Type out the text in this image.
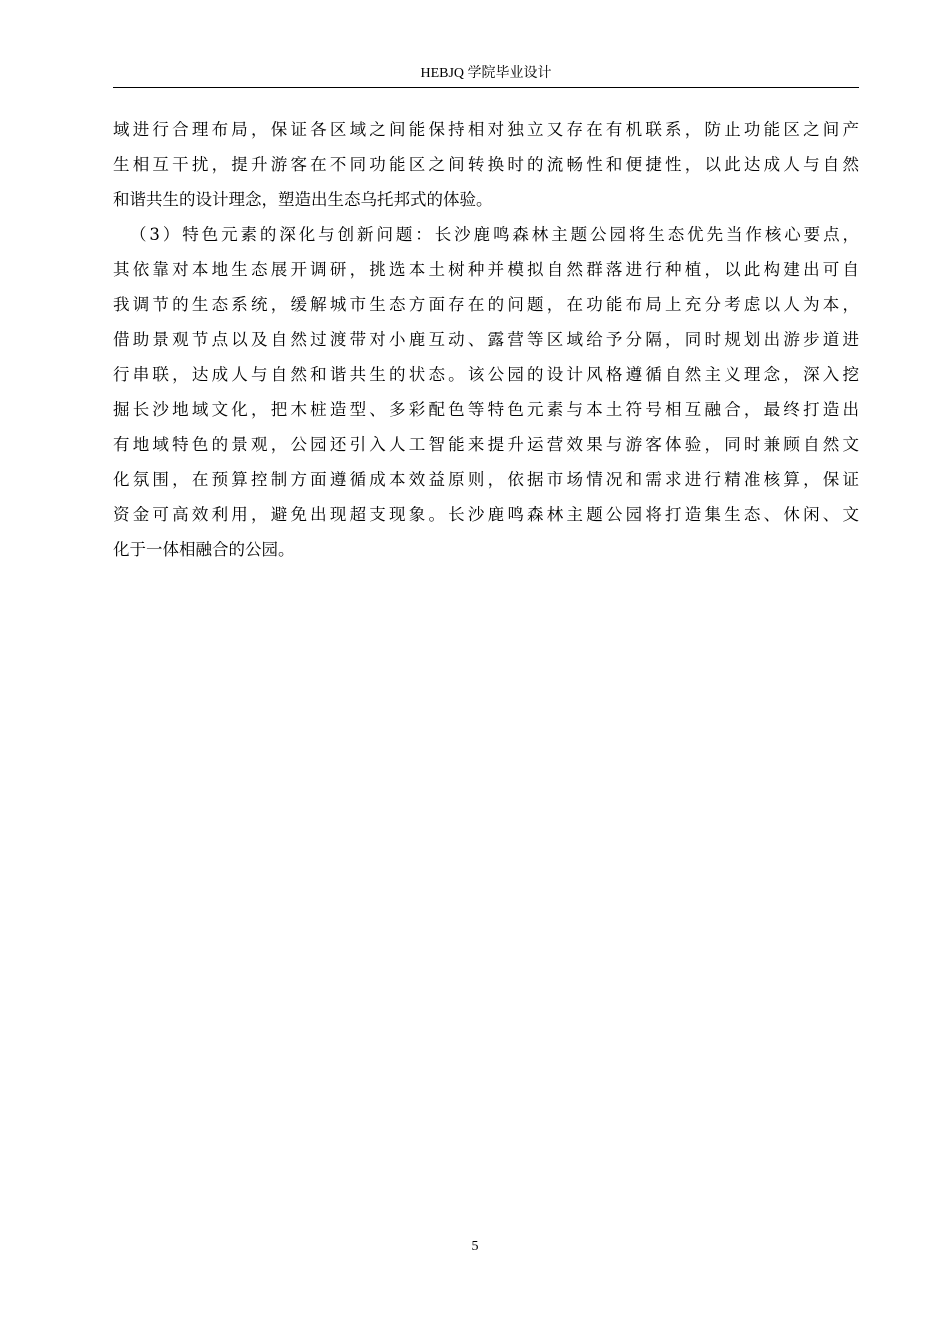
HEBJQ 学院毕业设计
域进行合理布局，保证各区域之间能保持相对独立又存在有机联系，防止功能区之间产
生相互干扰，提升游客在不同功能区之间转换时的流畅性和便捷性，以此达成人与自然
和谐共生的设计理念，塑造出生态乌托邦式的体验。
（3）特色元素的深化与创新问题：长沙鹿鸣森林主题公园将生态优先当作核心要点，
其依靠对本地生态展开调研，挑选本土树种并模拟自然群落进行种植，以此构建出可自
我调节的生态系统，缓解城市生态方面存在的问题，在功能布局上充分考虑以人为本，
借助景观节点以及自然过渡带对小鹿互动、露营等区域给予分隔，同时规划出游步道进
行串联，达成人与自然和谐共生的状态。该公园的设计风格遵循自然主义理念，深入挖
掘长沙地域文化，把木桩造型、多彩配色等特色元素与本土符号相互融合，最终打造出
有地域特色的景观，公园还引入人工智能来提升运营效果与游客体验，同时兼顾自然文
化氛围，在预算控制方面遵循成本效益原则，依据市场情况和需求进行精准核算，保证
资金可高效利用，避免出现超支现象。长沙鹿鸣森林主题公园将打造集生态、休闲、文
化于一体相融合的公园。
5
